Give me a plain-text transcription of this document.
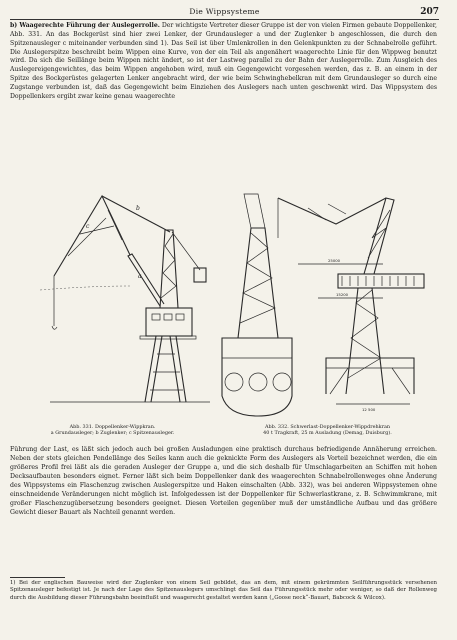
Die Wippsysteme	207
b) Waagerechte Führung der Auslegerrolle. Der wichtigste Vertreter dieser Gruppe ist der von vielen Firmen gebaute Doppellenker, Abb. 331. An das Bockgerüst sind hier zwei Lenker, der Grundausleger a und der Zuglenker b angeschlossen, die durch den Spitzenausleger c miteinander verbunden sind 1). Das Seil ist über Umlenkrollen in den Gelenkpunkten zu der Schnabelrolle geführt. Die Auslegerspitze beschreibt beim Wippen eine Kurve, von der ein Teil als angenähert waagerechte Linie für den Wippweg benutzt wird. Da sich die Seillänge beim Wippen nicht ändert, so ist der Lastweg parallel zu der Bahn der Auslegerrolle. Zum Ausgleich des Auslegereigengewichtes, das beim Wippen angehoben wird, muß ein Gegengewicht vorgesehen werden, das z. B. an einem in der Spitze des Bockgerüstes gelagerten Lenker angebracht wird, der wie beim Schwinghebelkran mit dem Grundausleger so durch eine Zugstange verbunden ist, daß das Gegengewicht beim Einziehen des Auslegers nach unten geschwenkt wird. Das Wippsystem des Doppellenkers ergibt zwar keine genau waagerechte
a
b
c
Abb. 331. Doppellenker-Wippkran.
a Grundausleger; b Zuglenker; c Spitzenausleger.
15200
25000
12 500
Abb. 332. Schwerlast-Doppellenker-Wippdrehkran
40 t Tragkraft, 25 m Ausladung (Demag, Duisburg).
Führung der Last, es läßt sich jedoch auch bei großen Ausladungen eine praktisch durchaus befriedigende Annäherung erreichen. Neben der stets gleichen Pendellänge des Seiles kann auch die geknickte Form des Auslegers als Vorteil bezeichnet werden, die ein größeres Profil frei läßt als die geraden Ausleger der Gruppe a, und die sich deshalb für Umschlagarbeiten an Schiffen mit hohen Decksaufbauten besonders eignet. Ferner läßt sich beim Doppellenker dank des waagerechten Schnabelrollenweges ohne Änderung des Wippsystems ein Flaschenzug zwischen Auslegerspitze und Haken einschalten (Abb. 332), was bei anderen Wippsystemen ohne einschneidende Veränderungen nicht möglich ist. Infolgedessen ist der Doppellenker für Schwerlastkrane, z. B. Schwimmkrane, mit großer Flaschenzugübersetzung besonders geeignet. Diesen Vorteilen gegenüber muß der umständliche Aufbau und das größere Gewicht dieser Bauart als Nachteil genannt werden.
1) Bei der englischen Bauweise wird der Zuglenker von einem Seil gebildet, das an dem, mit einem gekrümmten Seilführungsstück versehenen Spitzenausleger befestigt ist. Je nach der Lage des Spitzenauslegers umschlingt das Seil das Führungsstück mehr oder weniger, so daß der Rollenweg durch die Ausbildung dieser Führungsbahn beeinflußt und waagerecht gestaltet werden kann („Goose neck“-Bauart, Babcock & Wilcox).
